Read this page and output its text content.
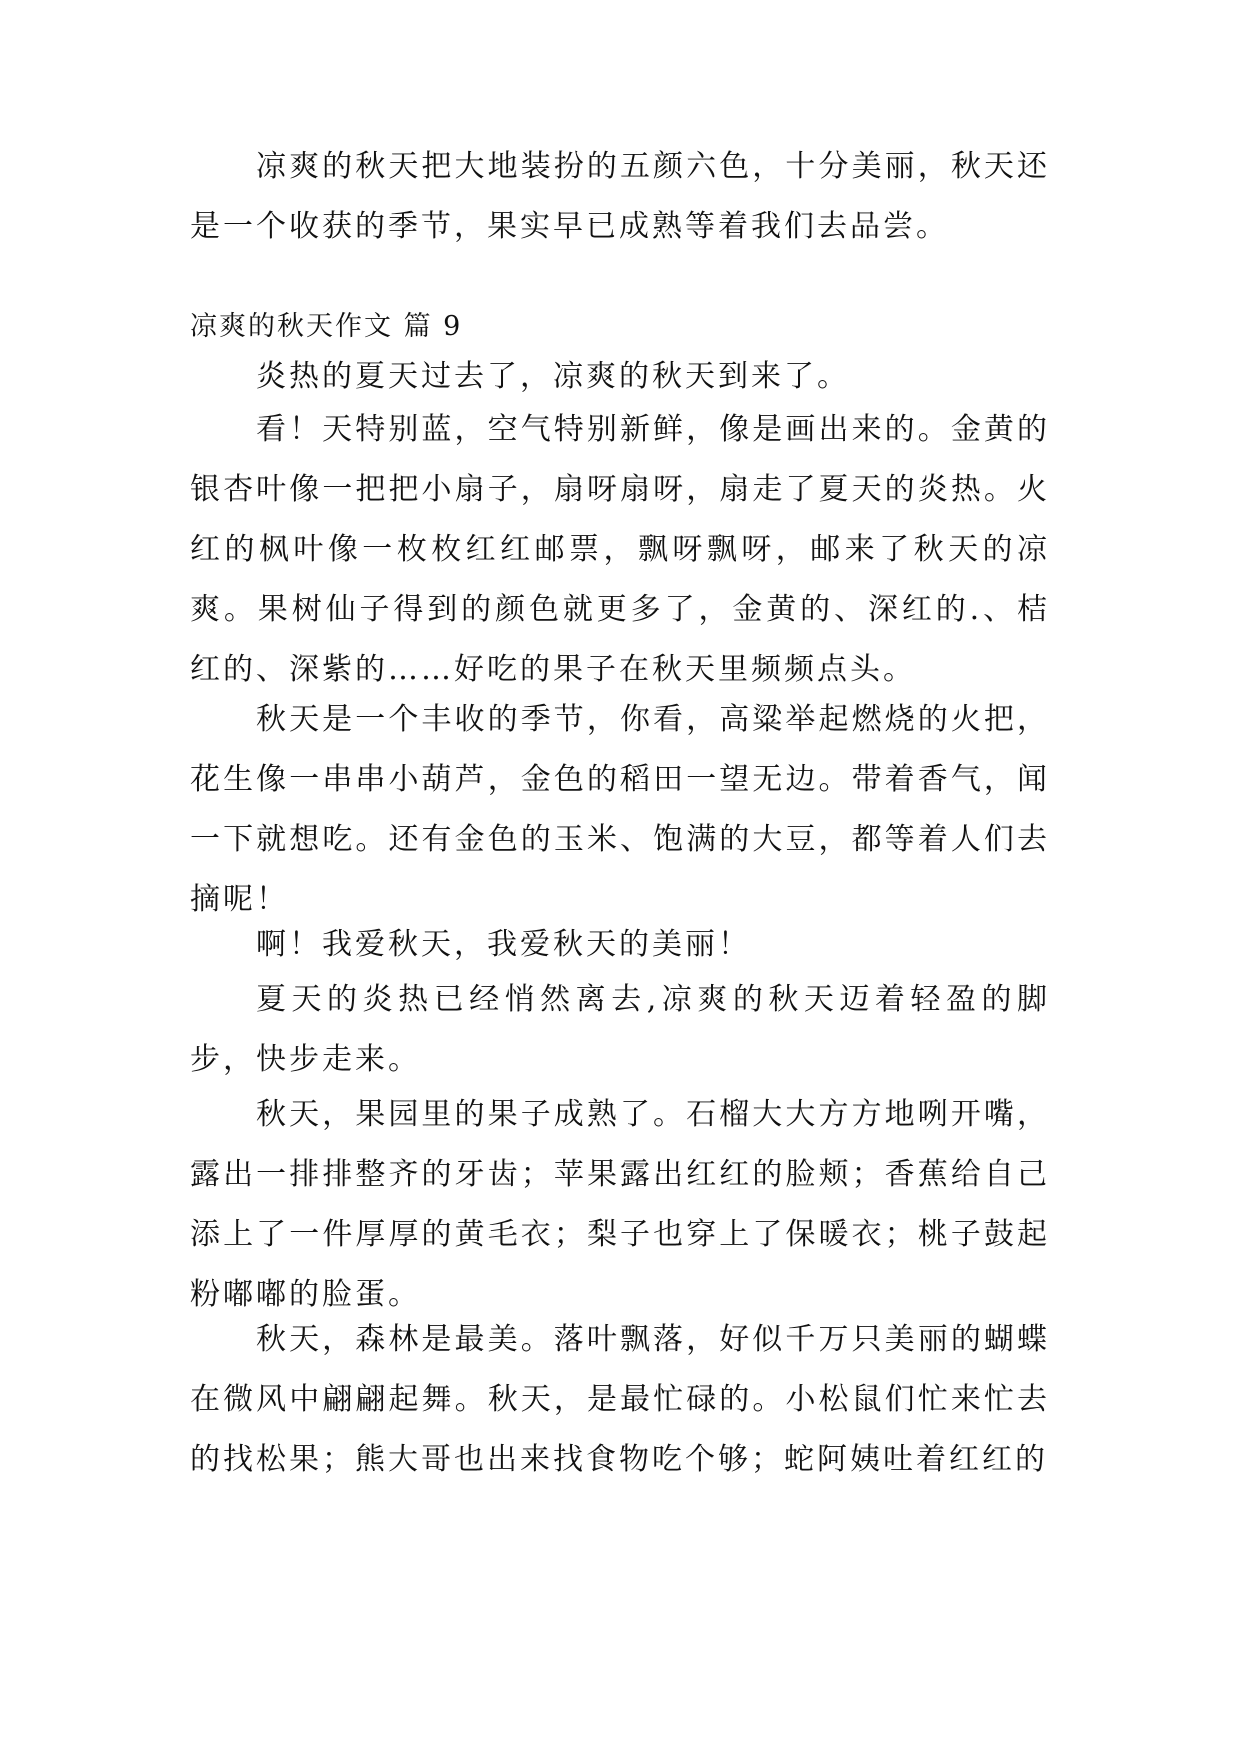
凉爽的秋天把大地装扮的五颜六色，十分美丽，秋天还是一个收获的季节，果实早已成熟等着我们去品尝。

凉爽的秋天作文 篇 9

炎热的夏天过去了，凉爽的秋天到来了。

看！天特别蓝，空气特别新鲜，像是画出来的。金黄的银杏叶像一把把小扇子，扇呀扇呀，扇走了夏天的炎热。火红的枫叶像一枚枚红红邮票，飘呀飘呀，邮来了秋天的凉爽。果树仙子得到的颜色就更多了，金黄的、深红的.、桔红的、深紫的……好吃的果子在秋天里频频点头。

秋天是一个丰收的季节，你看，高粱举起燃烧的火把，花生像一串串小葫芦，金色的稻田一望无边。带着香气，闻一下就想吃。还有金色的玉米、饱满的大豆，都等着人们去摘呢！

啊！我爱秋天，我爱秋天的美丽！

夏天的炎热已经悄然离去,凉爽的秋天迈着轻盈的脚步，快步走来。

秋天，果园里的果子成熟了。石榴大大方方地咧开嘴，露出一排排整齐的牙齿；苹果露出红红的脸颊；香蕉给自己添上了一件厚厚的黄毛衣；梨子也穿上了保暖衣；桃子鼓起粉嘟嘟的脸蛋。

秋天，森林是最美。落叶飘落，好似千万只美丽的蝴蝶在微风中翩翩起舞。秋天，是最忙碌的。小松鼠们忙来忙去的找松果；熊大哥也出来找食物吃个够；蛇阿姨吐着红红的
